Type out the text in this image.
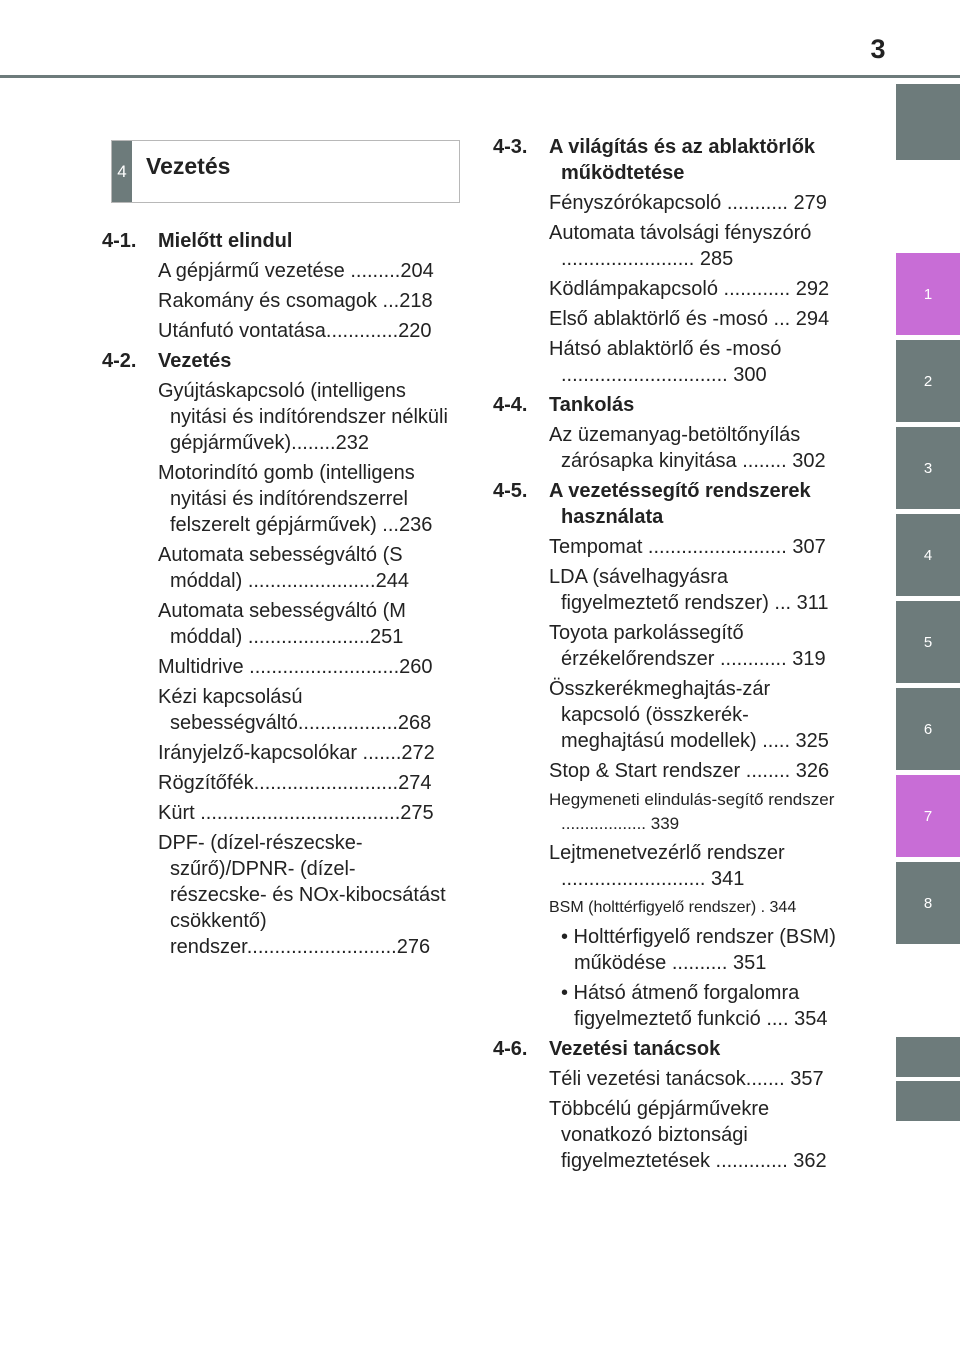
3
1
2
3
4
5
6
7
8
4 Vezetés
4-1. Mielőtt elindul
A gépjármű vezetése .........204
Rakomány és csomagok ...218
Utánfutó vontatása.............220
4-2. Vezetés
Gyújtáskapcsoló (intelligens nyitási és indítórendszer nélküli gépjárművek)........232
Motorindító gomb (intelligens nyitási és indítórendszerrel felszerelt gépjárművek) ...236
Automata sebességváltó (S móddal) .......................244
Automata sebességváltó (M móddal) ......................251
Multidrive ...........................260
Kézi kapcsolású sebességváltó..................268
Irányjelző-kapcsolókar .......272
Rögzítőfék..........................274
Kürt ....................................275
DPF- (dízel-részecske-szűrő)/DPNR- (dízel-részecske- és NOx-kibocsátást csökkentő) rendszer...........................276
4-3. A világítás és az ablaktörlők működtetése
Fényszórókapcsoló ........... 279
Automata távolsági fényszóró ........................ 285
Ködlámpakapcsoló ............ 292
Első ablaktörlő és -mosó ... 294
Hátsó ablaktörlő és -mosó .............................. 300
4-4. Tankolás
Az üzemanyag-betöltőnyílás zárósapka kinyitása ........ 302
4-5. A vezetéssegítő rendszerek használata
Tempomat ......................... 307
LDA (sávelhagyásra figyelmeztető rendszer) ... 311
Toyota parkolássegítő érzékelőrendszer ............ 319
Összkerékmeghajtás-zár kapcsoló (összkerék-meghajtású modellek) ..... 325
Stop & Start rendszer ........ 326
Hegymeneti elindulás-segítő rendszer .................. 339
Lejtmenetvezérlő rendszer .......................... 341
BSM (holttérfigyelő rendszer) . 344
• Holttérfigyelő rendszer (BSM) működése .......... 351
• Hátsó átmenő forgalomra figyelmeztető funkció .... 354
4-6. Vezetési tanácsok
Téli vezetési tanácsok....... 357
Többcélú gépjárművekre vonatkozó biztonsági figyelmeztetések ............. 362
